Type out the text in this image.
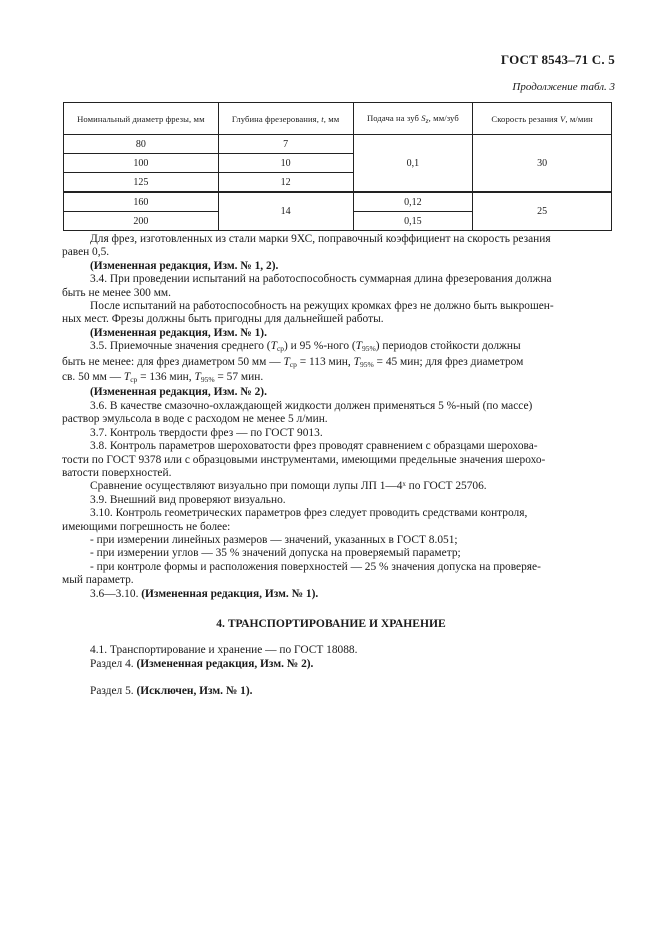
ГОСТ 8543–71 С. 5
Продолжение табл. 3
Номинальный диаметр фрезы, мм	Глубина фрезерования, t, мм	Подача на зуб Sz, мм/зуб	Скорость резания V, м/мин
80	7	0,1	30
100	10		
125	12		
160	14	0,12	25
200		0,15	

Для фрез, изготовленных из стали марки 9ХС, поправочный коэффициент на скорость резания

равен 0,5.

(Измененная редакция, Изм. № 1, 2).

3.4. При проведении испытаний на работоспособность суммарная длина фрезерования должна

быть не менее 300 мм.

После испытаний на работоспособность на режущих кромках фрез не должно быть выкрошен-

ных мест. Фрезы должны быть пригодны для дальнейшей работы.

(Измененная редакция, Изм. № 1).

3.5. Приемочные значения среднего $(T_{ср})$ и 95 %-ного $(T_{95\%})$ периодов стойкости должны

быть не менее: для фрез диаметром 50 мм — $T_{ср} = 113$ мин, $T_{95\%} = 45$ мин; для фрез диаметром

св. 50 мм — $T_{ср} = 136$ мин, $T_{95\%} = 57$ мин.

(Измененная редакция, Изм. № 2).

3.6. В качестве смазочно-охлаждающей жидкости должен применяться 5 %-ный (по массе)

раствор эмульсола в воде с расходом не менее 5 л/мин.

3.7. Контроль твердости фрез — по ГОСТ 9013.

3.8. Контроль параметров шероховатости фрез проводят сравнением с образцами шерохова-

тости по ГОСТ 9378 или с образцовыми инструментами, имеющими предельные значения шерохо-

ватости поверхностей.

Сравнение осуществляют визуально при помощи лупы ЛП 1—4ˣ по ГОСТ 25706.

3.9. Внешний вид проверяют визуально.

3.10. Контроль геометрических параметров фрез следует проводить средствами контроля,

имеющими погрешность не более:

- при измерении линейных размеров — значений, указанных в ГОСТ 8.051;

- при измерении углов — 35 % значений допуска на проверяемый параметр;

- при контроле формы и расположения поверхностей — 25 % значения допуска на проверяе-

мый параметр.

3.6—3.10. (Измененная редакция, Изм. № 1).

4. ТРАНСПОРТИРОВАНИЕ И ХРАНЕНИЕ

4.1. Транспортирование и хранение — по ГОСТ 18088.

Раздел 4. (Измененная редакция, Изм. № 2).

Раздел 5. (Исключен, Изм. № 1).
